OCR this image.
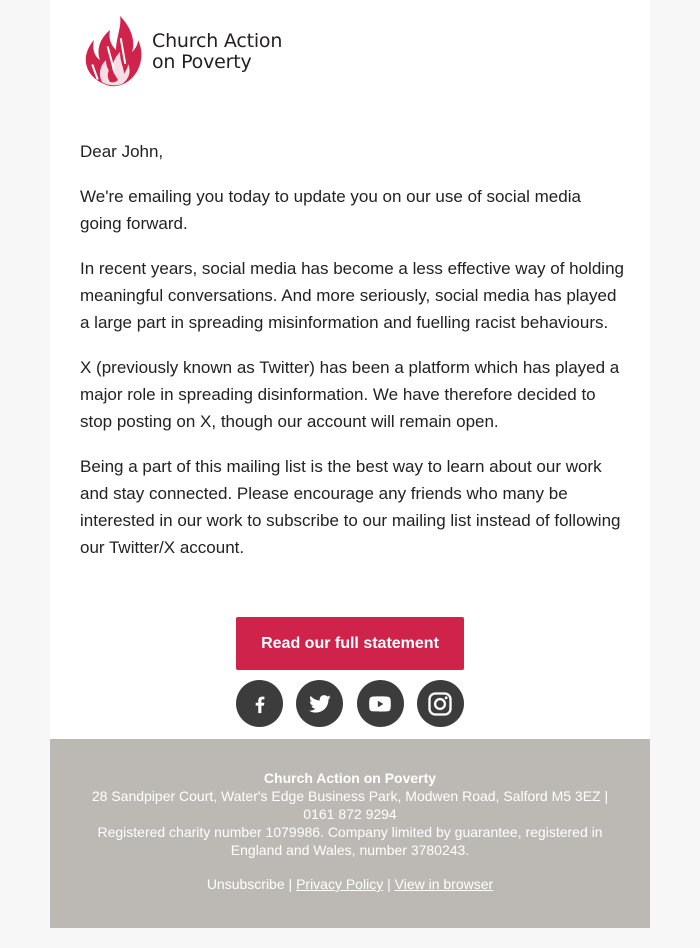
Church Action
on Poverty

Dear John,

We're emailing you today to update you on our use of social media going forward.

In recent years, social media has become a less effective way of holding meaningful conversations. And more seriously, social media has played a large part in spreading misinformation and fuelling racist behaviours.

X (previously known as Twitter) has been a platform which has played a major role in spreading disinformation. We have therefore decided to stop posting on X, though our account will remain open.

Being a part of this mailing list is the best way to learn about our work and stay connected. Please encourage any friends who many be interested in our work to subscribe to our mailing list instead of following our Twitter/X account.

Read our full statement
Church Action on Poverty
28 Sandpiper Court, Water's Edge Business Park, Modwen Road, Salford M5 3EZ | 0161 872 9294
Registered charity number 1079986. Company limited by guarantee, registered in England and Wales, number 3780243.
Unsubscribe | Privacy Policy | View in browser
